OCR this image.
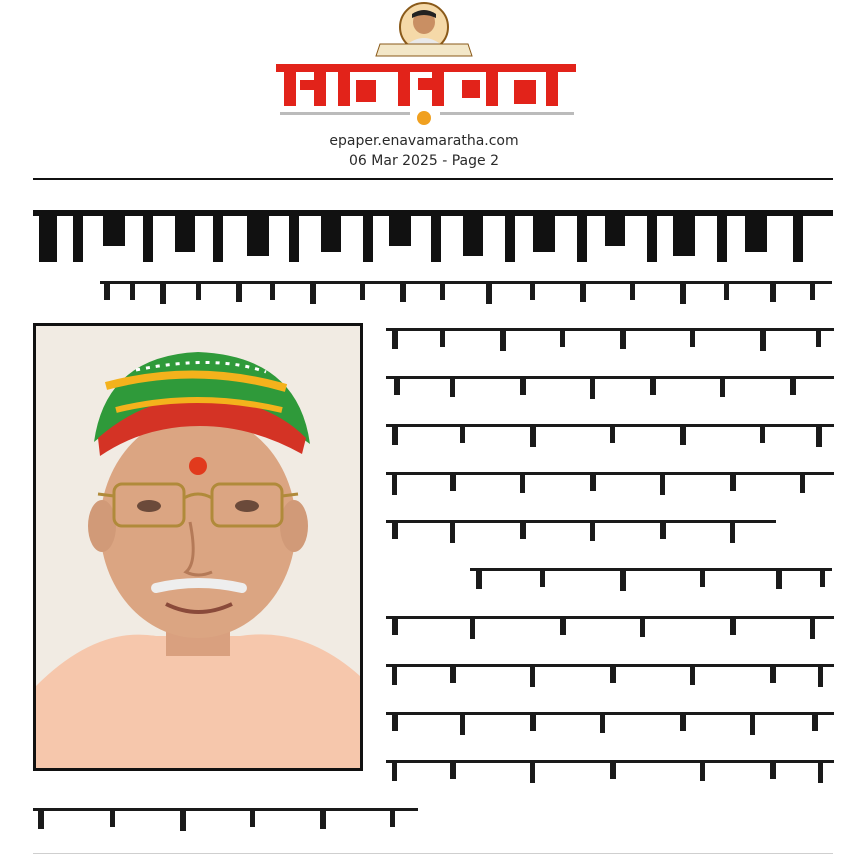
epaper.enavamaratha.com
06 Mar 2025 - Page 2
